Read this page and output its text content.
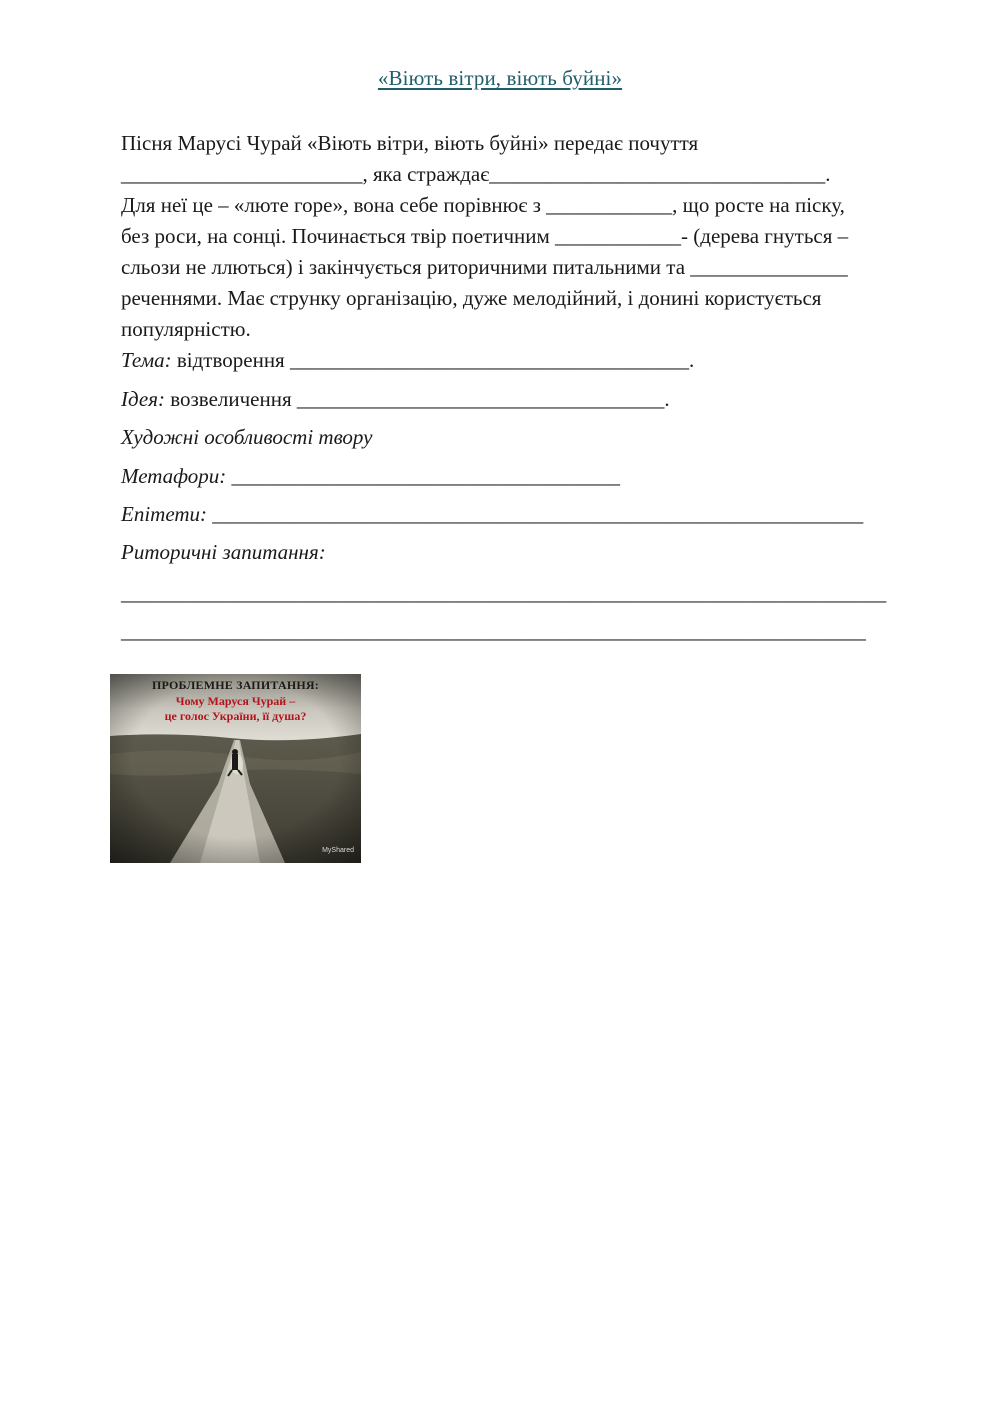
«Віють вітри, віють буйні»
Пісня Марусі Чурай «Віють вітри, віють буйні» передає почуття
_______________________, яка страждає________________________________.
Для неї це – «люте горе», вона себе порівнює з ____________, що росте на піску,
без роси, на сонці. Починається твір поетичним ____________- (дерева гнуться –
сльози не ллються) і закінчується риторичними питальними та _______________
реченнями. Має струнку організацію, дуже мелодійний, і донині користується
популярністю.
Тема: відтворення ______________________________________.
Ідея: возвеличення ___________________________________.
Художні особливості твору
Метафори: _____________________________________
Епітети: ______________________________________________________________
Риторичні запитання:
___________________________________________________________________________
_________________________________________________________________________
ПРОБЛЕМНЕ ЗАПИТАННЯ:
Чому Маруся Чурай –
це голос України, її душа?
MyShared
